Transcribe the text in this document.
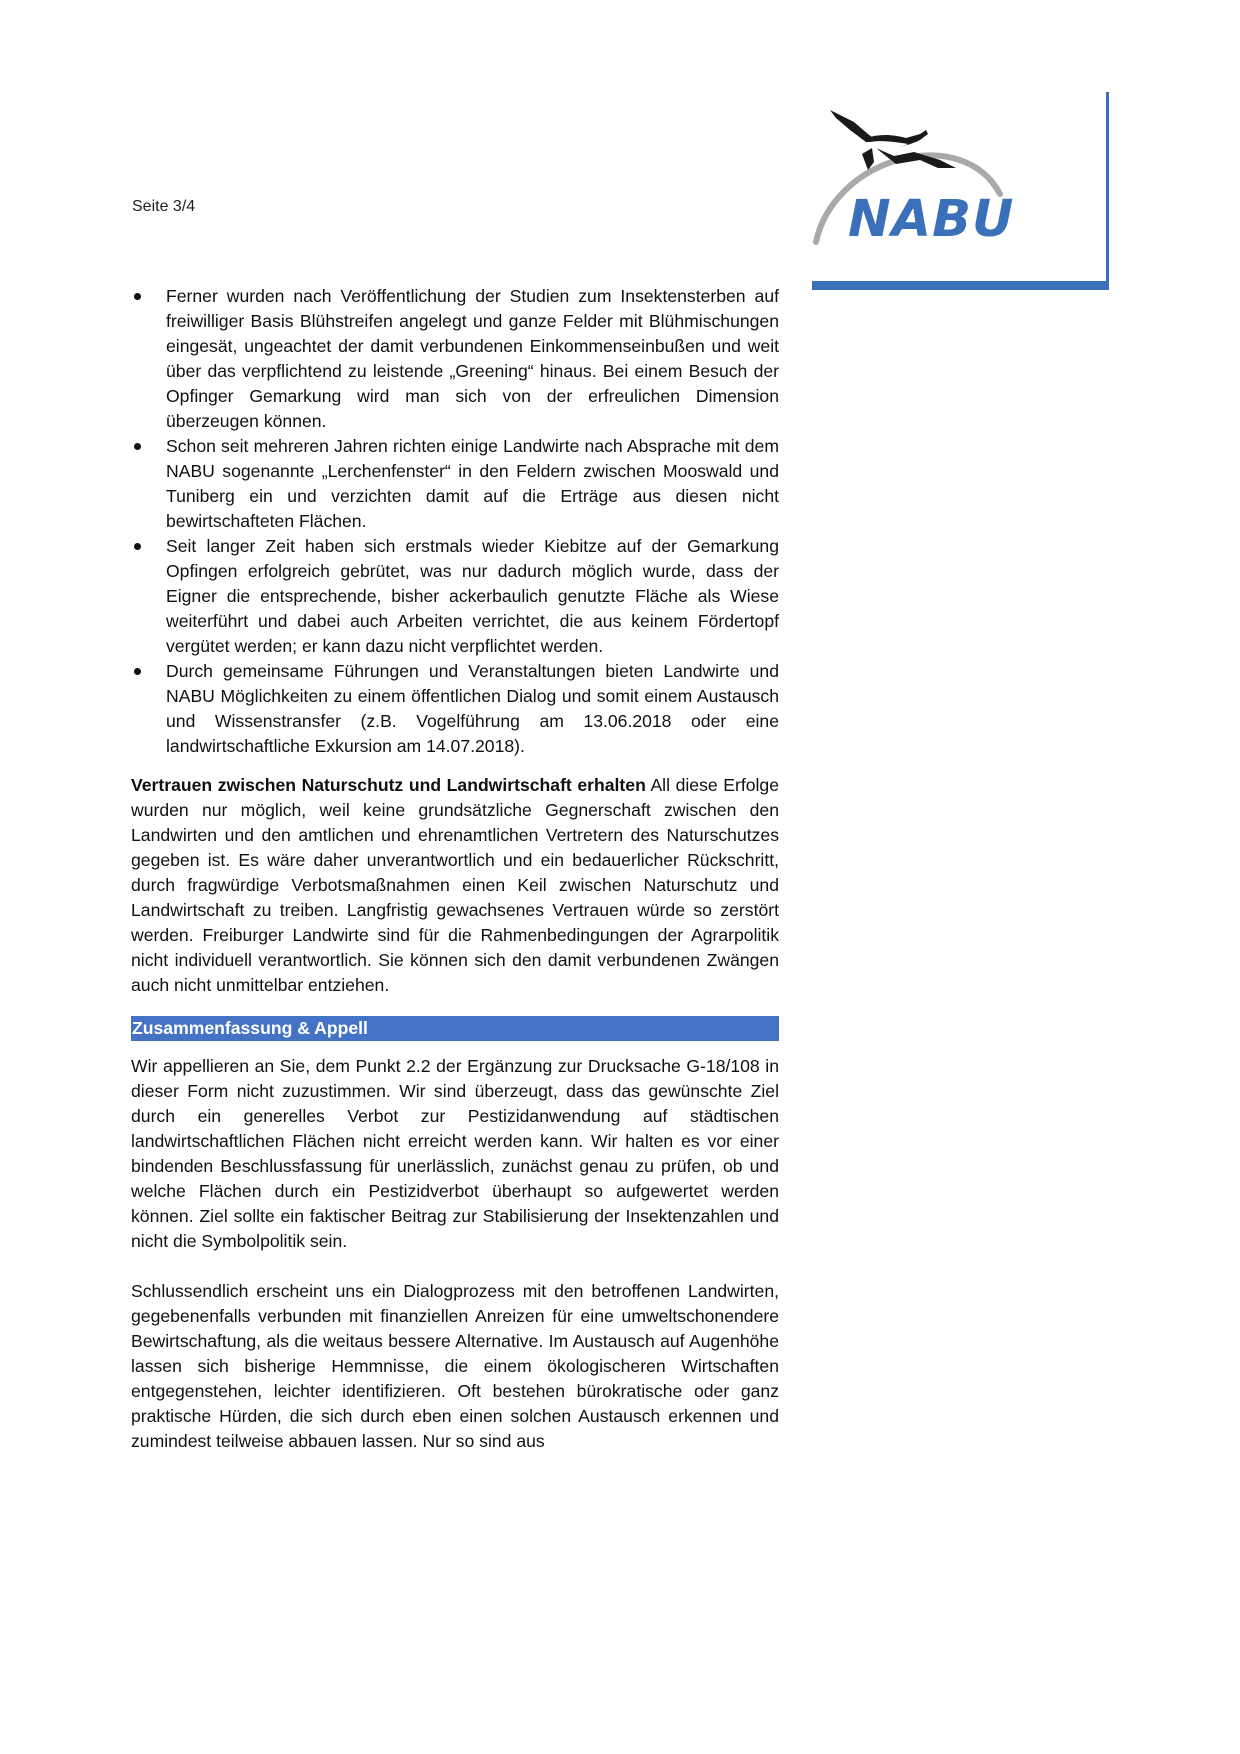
Seite 3/4	NABU
Ferner wurden nach Veröffentlichung der Studien zum Insektensterben auf freiwilliger Basis Blühstreifen angelegt und ganze Felder mit Blühmischungen eingesät, ungeachtet der damit verbundenen Einkommenseinbußen und weit über das verpflichtend zu leistende „Greening“ hinaus. Bei einem Besuch der Opfinger Gemarkung wird man sich von der erfreulichen Dimension überzeugen können.
Schon seit mehreren Jahren richten einige Landwirte nach Absprache mit dem NABU sogenannte „Lerchenfenster“ in den Feldern zwischen Mooswald und Tuniberg ein und verzichten damit auf die Erträge aus diesen nicht bewirtschafteten Flächen.
Seit langer Zeit haben sich erstmals wieder Kiebitze auf der Gemarkung Opfingen erfolgreich gebrütet, was nur dadurch möglich wurde, dass der Eigner die entsprechende, bisher ackerbaulich genutzte Fläche als Wiese weiterführt und dabei auch Arbeiten verrichtet, die aus keinem Fördertopf vergütet werden; er kann dazu nicht verpflichtet werden.
Durch gemeinsame Führungen und Veranstaltungen bieten Landwirte und NABU Möglichkeiten zu einem öffentlichen Dialog und somit einem Austausch und Wissenstransfer (z.B. Vogelführung am 13.06.2018 oder eine landwirtschaftliche Exkursion am 14.07.2018).

Vertrauen zwischen Naturschutz und Landwirtschaft erhalten All diese Erfolge wurden nur möglich, weil keine grundsätzliche Gegnerschaft zwischen den Landwirten und den amtlichen und ehrenamtlichen Vertretern des Naturschutzes gegeben ist. Es wäre daher unverantwortlich und ein bedauerlicher Rückschritt, durch fragwürdige Verbotsmaßnahmen einen Keil zwischen Naturschutz und Landwirtschaft zu treiben. Langfristig gewachsenes Vertrauen würde so zerstört werden. Freiburger Landwirte sind für die Rahmenbedingungen der Agrarpolitik nicht individuell verantwortlich. Sie können sich den damit verbundenen Zwängen auch nicht unmittelbar entziehen.

Zusammenfassung & Appell

Wir appellieren an Sie, dem Punkt 2.2 der Ergänzung zur Drucksache G-18/108 in dieser Form nicht zuzustimmen. Wir sind überzeugt, dass das gewünschte Ziel durch ein generelles Verbot zur Pestizidanwendung auf städtischen landwirtschaftlichen Flächen nicht erreicht werden kann. Wir halten es vor einer bindenden Beschlussfassung für unerlässlich, zunächst genau zu prüfen, ob und welche Flächen durch ein Pestizidverbot überhaupt so aufgewertet werden können. Ziel sollte ein faktischer Beitrag zur Stabilisierung der Insektenzahlen und nicht die Symbolpolitik sein.

Schlussendlich erscheint uns ein Dialogprozess mit den betroffenen Landwirten, gegebenenfalls verbunden mit finanziellen Anreizen für eine umweltschonendere Bewirtschaftung, als die weitaus bessere Alternative. Im Austausch auf Augenhöhe lassen sich bisherige Hemmnisse, die einem ökologischeren Wirtschaften entgegenstehen, leichter identifizieren. Oft bestehen bürokratische oder ganz praktische Hürden, die sich durch eben einen solchen Austausch erkennen und zumindest teilweise abbauen lassen. Nur so sind aus
